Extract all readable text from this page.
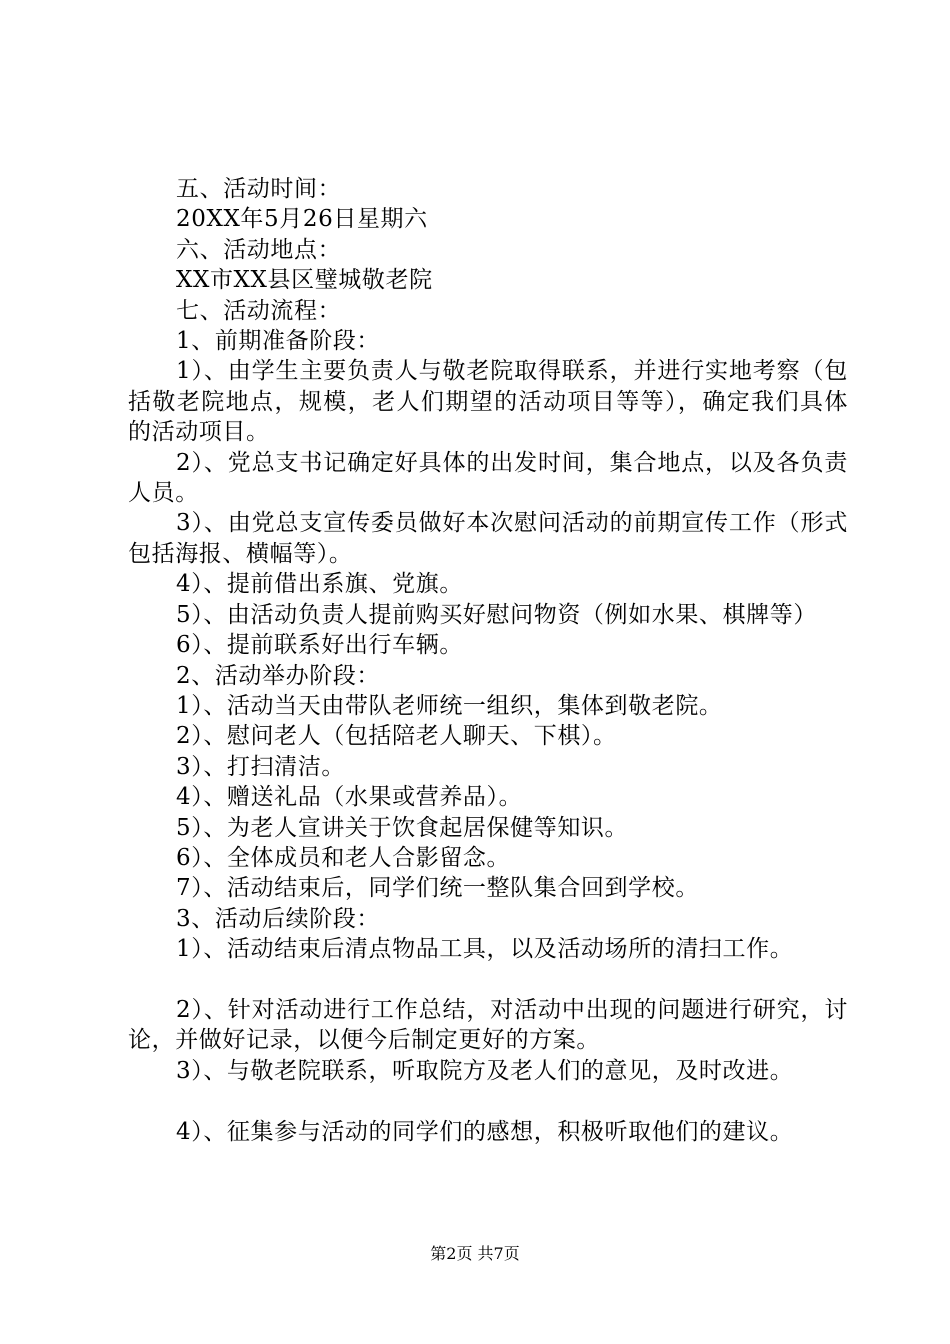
五、活动时间：

20XX年5月26日星期六

六、活动地点：

XX市XX县区璧城敬老院

七、活动流程：

1、前期准备阶段：

1）、由学生主要负责人与敬老院取得联系，并进行实地考察（包括敬老院地点，规模，老人们期望的活动项目等等），确定我们具体的活动项目。

2）、党总支书记确定好具体的出发时间，集合地点，以及各负责人员。

3）、由党总支宣传委员做好本次慰问活动的前期宣传工作（形式包括海报、横幅等）。

4）、提前借出系旗、党旗。

5）、由活动负责人提前购买好慰问物资（例如水果、棋牌等）

6）、提前联系好出行车辆。

2、活动举办阶段：

1）、活动当天由带队老师统一组织，集体到敬老院。

2）、慰问老人（包括陪老人聊天、下棋）。

3）、打扫清洁。

4）、赠送礼品（水果或营养品）。

5）、为老人宣讲关于饮食起居保健等知识。

6）、全体成员和老人合影留念。

7）、活动结束后，同学们统一整队集合回到学校。

3、活动后续阶段：

1）、活动结束后清点物品工具，以及活动场所的清扫工作。

2）、针对活动进行工作总结，对活动中出现的问题进行研究，讨论，并做好记录，以便今后制定更好的方案。

3）、与敬老院联系，听取院方及老人们的意见，及时改进。

4）、征集参与活动的同学们的感想，积极听取他们的建议。

第2页 共7页
